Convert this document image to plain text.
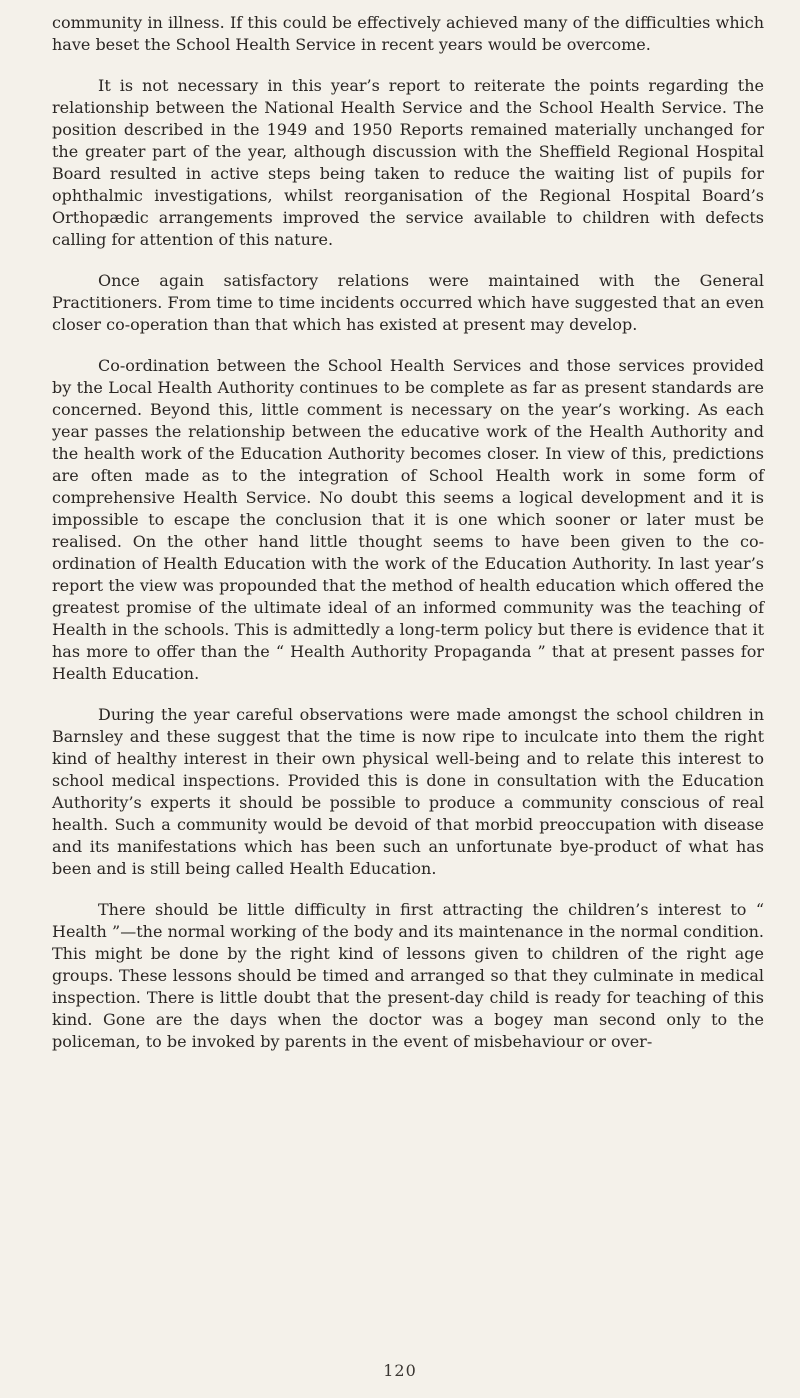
community in illness. If this could be effectively achieved many of the difficulties which have beset the School Health Service in recent years would be overcome.

It is not necessary in this year’s report to reiterate the points regarding the relationship between the National Health Service and the School Health Service. The position described in the 1949 and 1950 Reports remained materially unchanged for the greater part of the year, although discussion with the Sheffield Regional Hospital Board resulted in active steps being taken to reduce the waiting list of pupils for ophthalmic investigations, whilst reorganisation of the Regional Hospital Board’s Orthopædic arrangements improved the service available to children with defects calling for attention of this nature.

Once again satisfactory relations were maintained with the General Practitioners. From time to time incidents occurred which have suggested that an even closer co-operation than that which has existed at present may develop.

Co-ordination between the School Health Services and those services provided by the Local Health Authority continues to be complete as far as present standards are concerned. Beyond this, little comment is necessary on the year’s working. As each year passes the relationship between the educative work of the Health Authority and the health work of the Education Authority becomes closer. In view of this, predictions are often made as to the integration of School Health work in some form of comprehensive Health Service. No doubt this seems a logical development and it is impossible to escape the conclusion that it is one which sooner or later must be realised. On the other hand little thought seems to have been given to the co-ordination of Health Education with the work of the Education Authority. In last year’s report the view was propounded that the method of health education which offered the greatest promise of the ultimate ideal of an informed community was the teaching of Health in the schools. This is admittedly a long-term policy but there is evidence that it has more to offer than the “ Health Authority Propaganda ” that at present passes for Health Education.

During the year careful observations were made amongst the school children in Barnsley and these suggest that the time is now ripe to inculcate into them the right kind of healthy interest in their own physical well-being and to relate this interest to school medical inspections. Provided this is done in consultation with the Education Authority’s experts it should be possible to produce a community conscious of real health. Such a community would be devoid of that morbid preoccupation with disease and its manifestations which has been such an unfortunate bye-product of what has been and is still being called Health Education.

There should be little difficulty in first attracting the children’s interest to “ Health ”—the normal working of the body and its maintenance in the normal condition. This might be done by the right kind of lessons given to children of the right age groups. These lessons should be timed and arranged so that they culminate in medical inspection. There is little doubt that the present-day child is ready for teaching of this kind. Gone are the days when the doctor was a bogey man second only to the policeman, to be invoked by parents in the event of misbehaviour or over-

120
